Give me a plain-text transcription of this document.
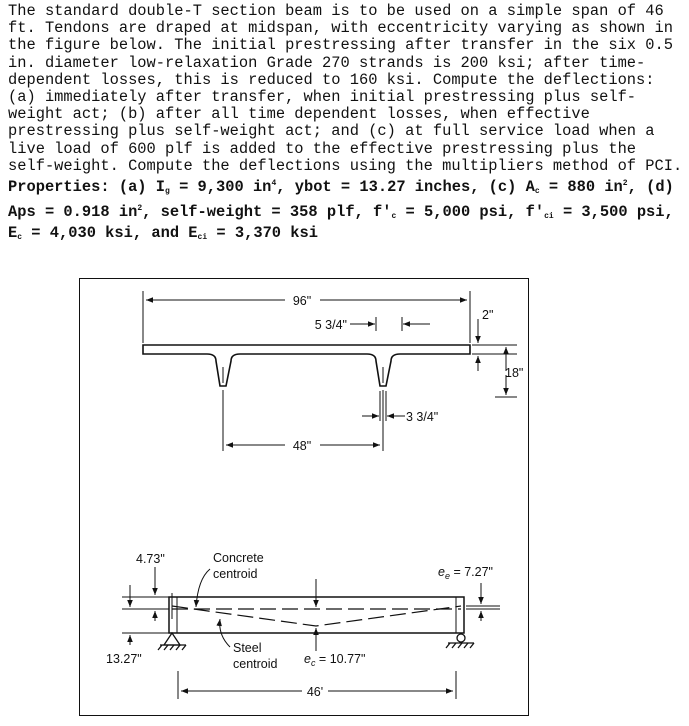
The standard double-T section beam is to be used on a simple span of 46 ft. Tendons are draped at midspan, with eccentricity varying as shown in the figure below. The initial prestressing after transfer in the six 0.5 in. diameter low-relaxation Grade 270 strands is 200 ksi; after time-dependent losses, this is reduced to 160 ksi. Compute the deflections: (a) immediately after transfer, when initial prestressing plus self-weight act; (b) after all time dependent losses, when effective prestressing plus self-weight act; and (c) at full service load when a live load of 600 plf is added to the effective prestressing plus the self-weight. Compute the deflections using the multipliers method of PCI.

Properties: (a) $I_g = 9,300$ $in^4$, ybot = 13.27 inches, (c) $A_c = 880$ $in^2$, (d) Aps = 0.918 $in^2$, self-weight = 358 plf, $f'_c = 5,000$ psi, $f'_{ci} = 3,500$ psi, $E_c = 4,030$ ksi, and $E_{ci} = 3,370$ ksi

96"
5 3/4"
2"
18"
3 3/4"
48"
4.73"
13.27"
Concrete
centroid
Steel
centroid $e_c = 10.77$"
$e_e = 7.27$"
46'
